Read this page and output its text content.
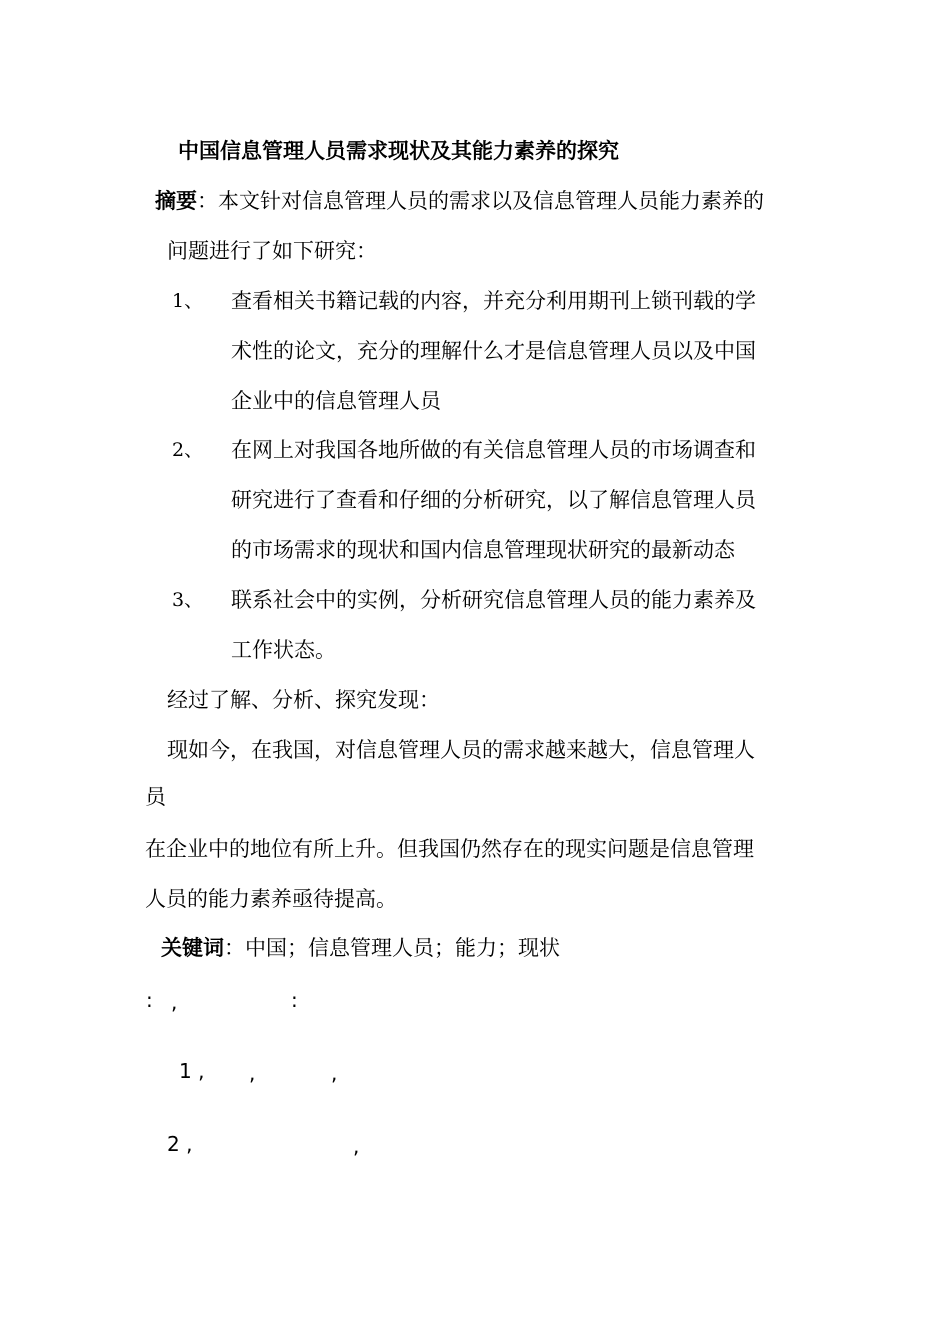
中国信息管理人员需求现状及其能力素养的探究
摘要：本文针对信息管理人员的需求以及信息管理人员能力素养的
问题进行了如下研究：
1、 查看相关书籍记载的内容，并充分利用期刊上锁刊载的学
术性的论文，充分的理解什么才是信息管理人员以及中国
企业中的信息管理人员
2、 在网上对我国各地所做的有关信息管理人员的市场调查和
研究进行了查看和仔细的分析研究，以了解信息管理人员
的市场需求的现状和国内信息管理现状研究的最新动态
3、 联系社会中的实例，分析研究信息管理人员的能力素养及
工作状态。
经过了解、分析、探究发现：
现如今，在我国，对信息管理人员的需求越来越大，信息管理人
员
在企业中的地位有所上升。但我国仍然存在的现实问题是信息管理
人员的能力素养亟待提高。
关键词：中国；信息管理人员；能力；现状
: ,	:
1 , ,	,
2 ,	,
